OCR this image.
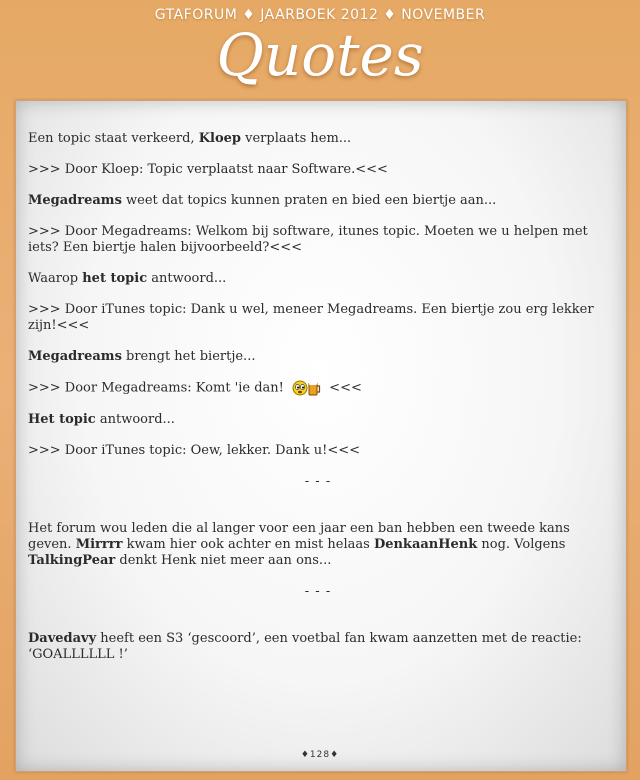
GTAFORUM ♦ JAARBOEK 2012 ♦ NOVEMBER
Quotes

Een topic staat verkeerd, Kloep verplaats hem...

>>> Door Kloep: Topic verplaatst naar Software.<<<

Megadreams weet dat topics kunnen praten en bied een biertje aan...

>>> Door Megadreams: Welkom bij software, itunes topic. Moeten we u helpen met iets? Een biertje halen bijvoorbeeld?<<<

Waarop het topic antwoord...

>>> Door iTunes topic: Dank u wel, meneer Megadreams. Een biertje zou erg lekker zijn!<<<

Megadreams brengt het biertje...

>>> Door Megadreams: Komt 'ie dan!	<<<

Het topic antwoord...

>>> Door iTunes topic: Oew, lekker. Dank u!<<<

- - -

Het forum wou leden die al langer voor een jaar een ban hebben een tweede kans geven. Mirrrr kwam hier ook achter en mist helaas DenkaanHenk nog. Volgens TalkingPear denkt Henk niet meer aan ons...

- - -

Davedavy heeft een S3 ‘gescoord’, een voetbal fan kwam aanzetten met de reactie: ‘GOALLLLLL !’

♦128♦
